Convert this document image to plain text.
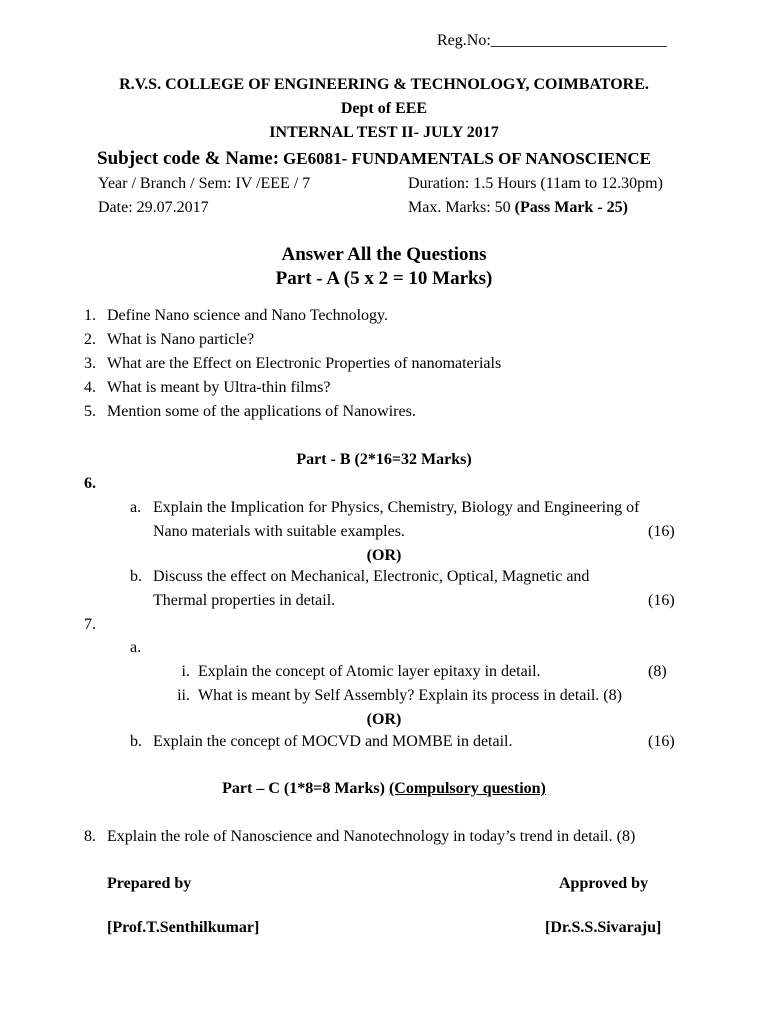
Reg.No:______________________
R.V.S. COLLEGE OF ENGINEERING & TECHNOLOGY, COIMBATORE.
Dept of EEE
INTERNAL TEST II- JULY 2017
Subject code & Name: GE6081- FUNDAMENTALS OF NANOSCIENCE
Year / Branch / Sem: IV /EEE / 7	Duration: 1.5 Hours (11am to 12.30pm)
Date: 29.07.2017	Max. Marks: 50 (Pass Mark - 25)
Answer All the Questions
Part - A (5 x 2 = 10 Marks)
1. Define Nano science and Nano Technology.
2. What is Nano particle?
3. What are the Effect on Electronic Properties of nanomaterials
4. What is meant by Ultra-thin films?
5. Mention some of the applications of Nanowires.
Part - B (2*16=32 Marks)
6.
a. Explain the Implication for Physics, Chemistry, Biology and Engineering of
Nano materials with suitable examples.	(16)
(OR)
b. Discuss the effect on Mechanical, Electronic, Optical, Magnetic and
Thermal properties in detail.	(16)
7.
a.
i. Explain the concept of Atomic layer epitaxy in detail.	(8)
ii. What is meant by Self Assembly? Explain its process in detail. (8)
(OR)
b. Explain the concept of MOCVD and MOMBE in detail.	(16)
Part – C (1*8=8 Marks) (Compulsory question)
8. Explain the role of Nanoscience and Nanotechnology in today’s trend in detail. (8)
Prepared by	Approved by
[Prof.T.Senthilkumar]	[Dr.S.S.Sivaraju]
